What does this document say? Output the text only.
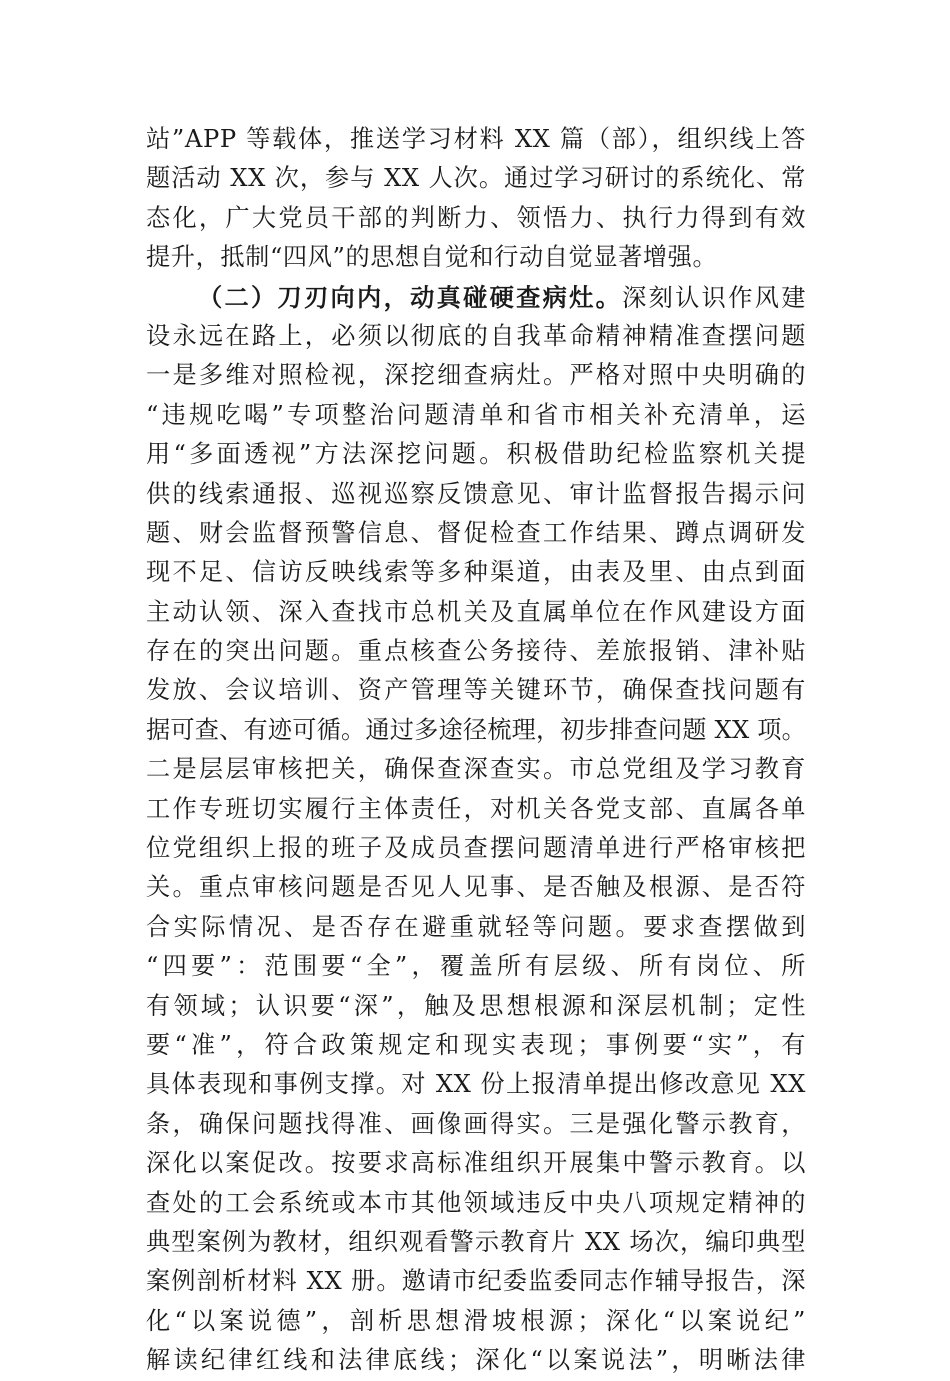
站”APP 等载体，推送学习材料 XX 篇（部），组织线上答
题活动 XX 次，参与 XX 人次。通过学习研讨的系统化、常
态化，广大党员干部的判断力、领悟力、执行力得到有效
提升，抵制“四风”的思想自觉和行动自觉显著增强。
（二）刀刃向内，动真碰硬查病灶。深刻认识作风建
设永远在路上，必须以彻底的自我革命精神精准查摆问题
一是多维对照检视，深挖细查病灶。严格对照中央明确的
“违规吃喝”专项整治问题清单和省市相关补充清单，运
用“多面透视”方法深挖问题。积极借助纪检监察机关提
供的线索通报、巡视巡察反馈意见、审计监督报告揭示问
题、财会监督预警信息、督促检查工作结果、蹲点调研发
现不足、信访反映线索等多种渠道，由表及里、由点到面
主动认领、深入查找市总机关及直属单位在作风建设方面
存在的突出问题。重点核查公务接待、差旅报销、津补贴
发放、会议培训、资产管理等关键环节，确保查找问题有
据可查、有迹可循。通过多途径梳理，初步排查问题 XX 项。
二是层层审核把关，确保查深查实。市总党组及学习教育
工作专班切实履行主体责任，对机关各党支部、直属各单
位党组织上报的班子及成员查摆问题清单进行严格审核把
关。重点审核问题是否见人见事、是否触及根源、是否符
合实际情况、是否存在避重就轻等问题。要求查摆做到
“四要”：范围要“全”，覆盖所有层级、所有岗位、所
有领域；认识要“深”，触及思想根源和深层机制；定性
要“准”，符合政策规定和现实表现；事例要“实”，有
具体表现和事例支撑。对 XX 份上报清单提出修改意见 XX
条，确保问题找得准、画像画得实。三是强化警示教育，
深化以案促改。按要求高标准组织开展集中警示教育。以
查处的工会系统或本市其他领域违反中央八项规定精神的
典型案例为教材，组织观看警示教育片 XX 场次，编印典型
案例剖析材料 XX 册。邀请市纪委监委同志作辅导报告，深
化“以案说德”，剖析思想滑坡根源；深化“以案说纪”
解读纪律红线和法律底线；深化“以案说法”，明晰法律
